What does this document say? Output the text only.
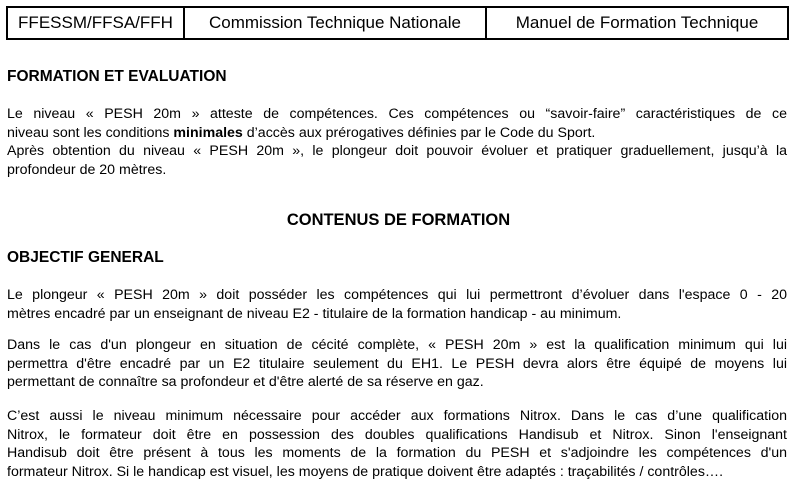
FFESSM/FFSA/FFH	Commission Technique Nationale	Manuel de Formation Technique
FORMATION ET EVALUATION
Le niveau « PESH 20m » atteste de compétences. Ces compétences ou “savoir-faire” caractéristiques de ce
niveau sont les conditions minimales d’accès aux prérogatives définies par le Code du Sport.
Après obtention du niveau « PESH 20m », le plongeur doit pouvoir évoluer et pratiquer graduellement, jusqu’à la
profondeur de 20 mètres.
CONTENUS DE FORMATION
OBJECTIF GENERAL
Le plongeur « PESH 20m » doit posséder les compétences qui lui permettront d’évoluer dans l'espace 0 - 20
mètres encadré par un enseignant de niveau E2 - titulaire de la formation handicap - au minimum.
Dans le cas d'un plongeur en situation de cécité complète, « PESH 20m » est la qualification minimum qui lui
permettra d'être encadré par un E2 titulaire seulement du EH1. Le PESH devra alors être équipé de moyens lui
permettant de connaître sa profondeur et d'être alerté de sa réserve en gaz.
C’est aussi le niveau minimum nécessaire pour accéder aux formations Nitrox. Dans le cas d’une qualification
Nitrox, le formateur doit être en possession des doubles qualifications Handisub et Nitrox. Sinon l'enseignant
Handisub doit être présent à tous les moments de la formation du PESH et s'adjoindre les compétences d'un
formateur Nitrox. Si le handicap est visuel, les moyens de pratique doivent être adaptés : traçabilités / contrôles….
